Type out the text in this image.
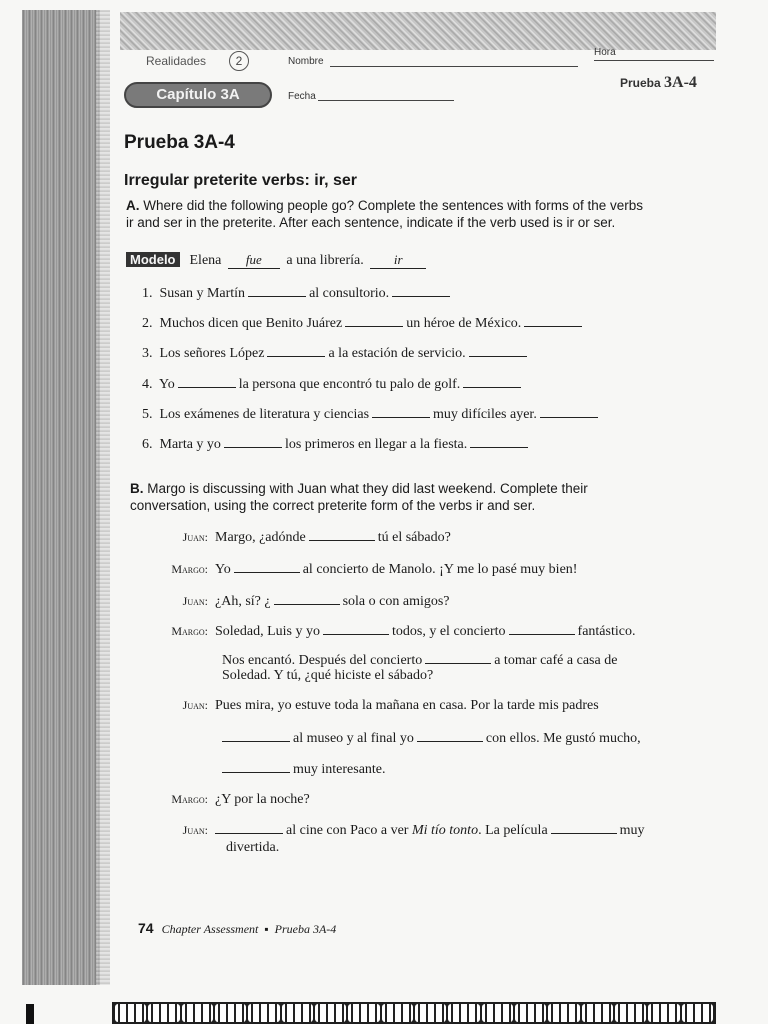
Realidades	2
Capítulo 3A
Nombre
Hora
Fecha
Prueba 3A-4
Prueba 3A-4
Irregular preterite verbs: ir, ser
A. Where did the following people go? Complete the sentences with forms of the verbs
ir and ser in the preterite. After each sentence, indicate if the verb used is ir or ser.
Modelo Elena fue a una librería. ir
1. Susan y Martín	al consultorio.
2. Muchos dicen que Benito Juárez	un héroe de México.
3. Los señores López	a la estación de servicio.
4. Yo	la persona que encontró tu palo de golf.
5. Los exámenes de literatura y ciencias	muy difíciles ayer.
6. Marta y yo	los primeros en llegar a la fiesta.
B. Margo is discussing with Juan what they did last weekend. Complete their
conversation, using the correct preterite form of the verbs ir and ser.
Juan: Margo, ¿adónde	tú el sábado?
Margo: Yo	al concierto de Manolo. ¡Y me lo pasé muy bien!
Juan: ¿Ah, sí? ¿	sola o con amigos?
Margo: Soledad, Luis y yo	todos, y el concierto	fantástico.
Nos encantó. Después del concierto	a tomar café a casa de
Soledad. Y tú, ¿qué hiciste el sábado?
Juan: Pues mira, yo estuve toda la mañana en casa. Por la tarde mis padres
al museo y al final yo	con ellos. Me gustó mucho,
muy interesante.
Margo: ¿Y por la noche?
Juan:	al cine con Paco a ver Mi tío tonto. La película	muy
divertida.
74 Chapter Assessment  ▪  Prueba 3A-4
